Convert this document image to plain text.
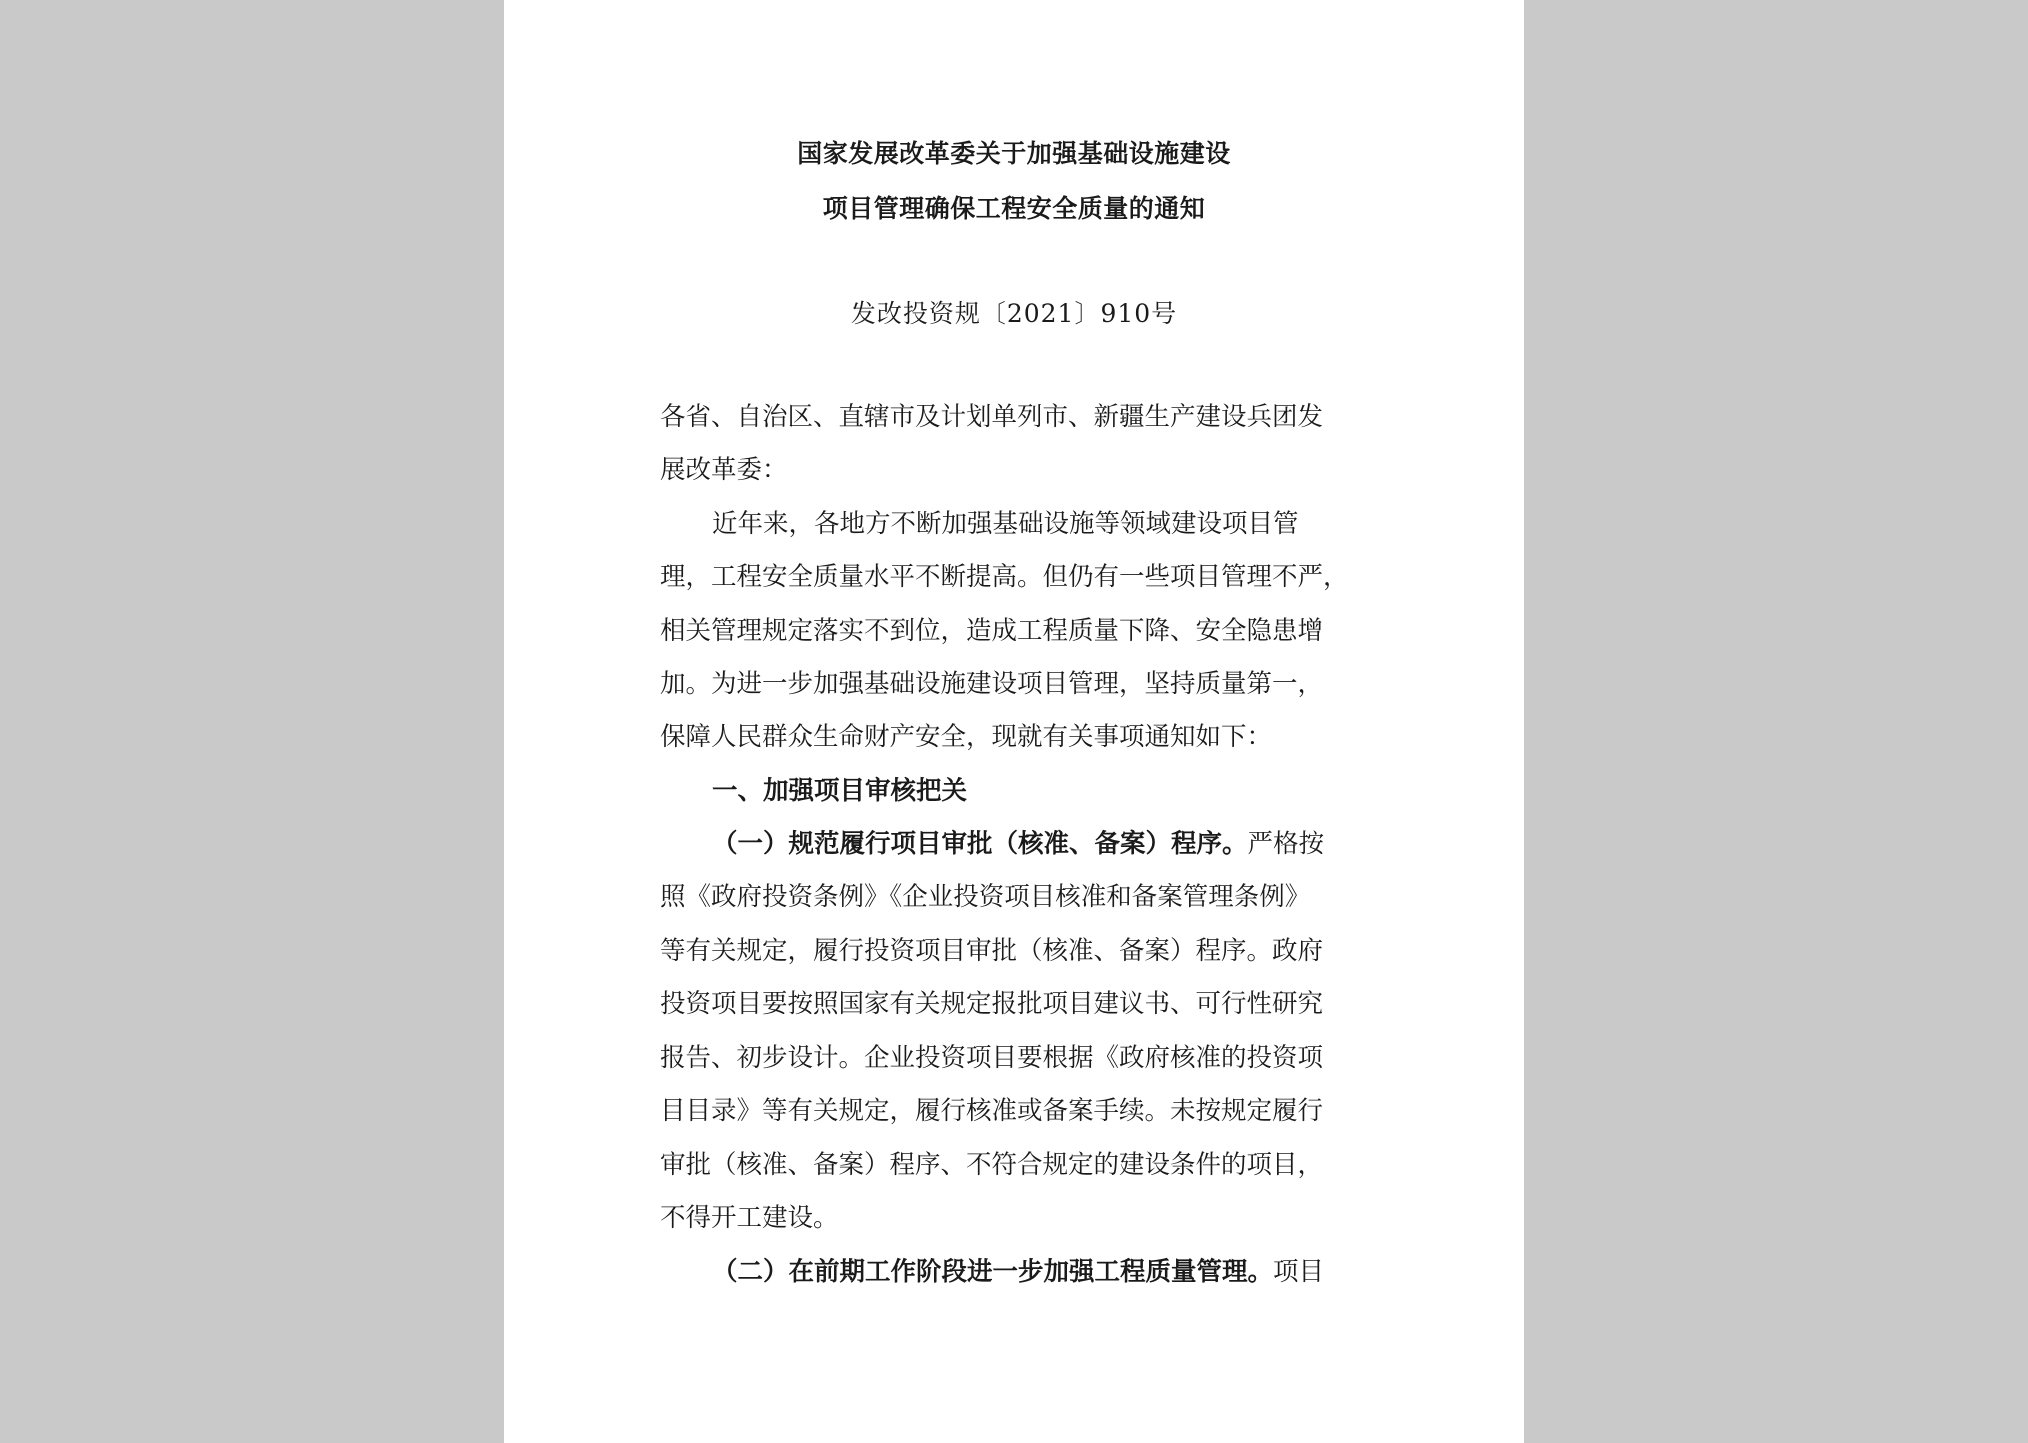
国家发展改革委关于加强基础设施建设
项目管理确保工程安全质量的通知
发改投资规〔2021〕910号
各省、自治区、直辖市及计划单列市、新疆生产建设兵团发
展改革委：
近年来，各地方不断加强基础设施等领域建设项目管
理，工程安全质量水平不断提高。但仍有一些项目管理不严，
相关管理规定落实不到位，造成工程质量下降、安全隐患增
加。为进一步加强基础设施建设项目管理，坚持质量第一，
保障人民群众生命财产安全，现就有关事项通知如下：
一、加强项目审核把关
（一）规范履行项目审批（核准、备案）程序。严格按
照《政府投资条例》《企业投资项目核准和备案管理条例》
等有关规定，履行投资项目审批（核准、备案）程序。政府
投资项目要按照国家有关规定报批项目建议书、可行性研究
报告、初步设计。企业投资项目要根据《政府核准的投资项
目目录》等有关规定，履行核准或备案手续。未按规定履行
审批（核准、备案）程序、不符合规定的建设条件的项目，
不得开工建设。
（二）在前期工作阶段进一步加强工程质量管理。项目
